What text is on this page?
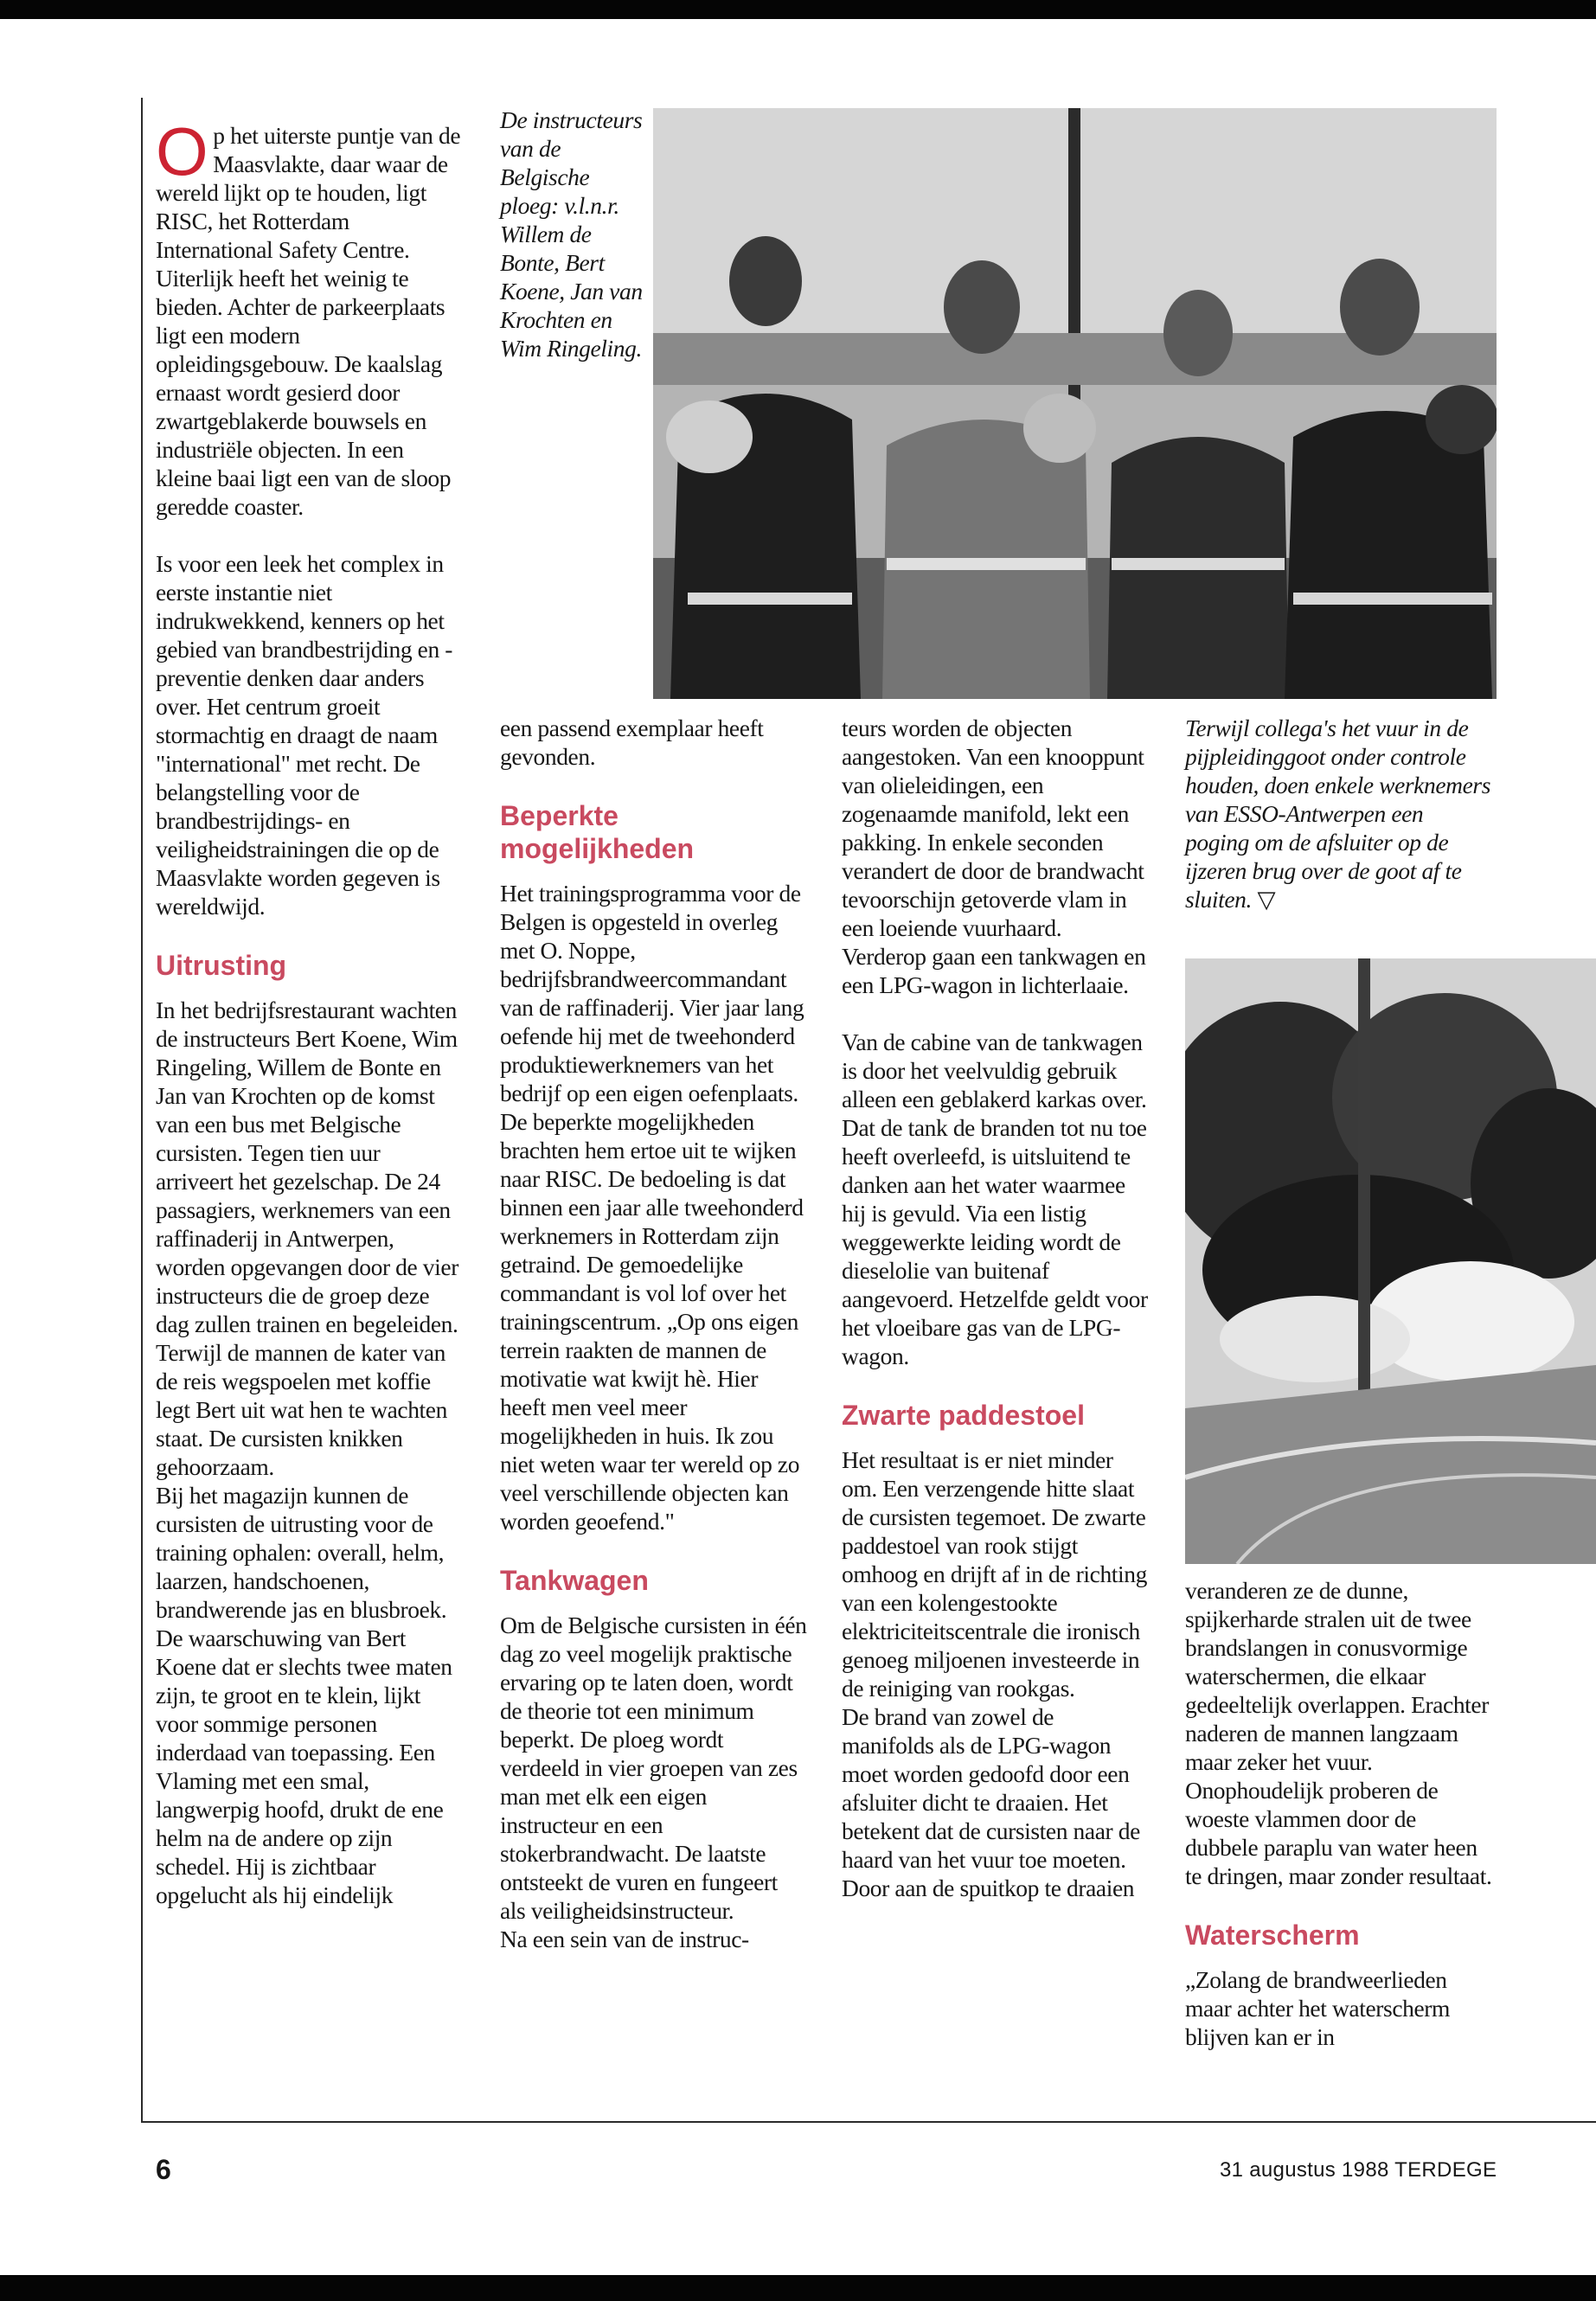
Op het uiterste puntje van de Maasvlakte, daar waar de wereld lijkt op te houden, ligt RISC, het Rotterdam International Safety Centre. Uiterlijk heeft het weinig te bieden. Achter de parkeerplaats ligt een modern opleidingsgebouw. De kaalslag ernaast wordt gesierd door zwartgeblakerde bouwsels en industriële objecten. In een kleine baai ligt een van de sloop geredde coaster.

Is voor een leek het complex in eerste instantie niet indrukwekkend, kenners op het gebied van brandbestrijding en -preventie denken daar anders over. Het centrum groeit stormachtig en draagt de naam "international" met recht. De belangstelling voor de brandbestrijdings- en veiligheidstrainingen die op de Maasvlakte worden gegeven is wereldwijd.

Uitrusting

In het bedrijfsrestaurant wachten de instructeurs Bert Koene, Wim Ringeling, Willem de Bonte en Jan van Krochten op de komst van een bus met Belgische cursisten. Tegen tien uur arriveert het gezelschap. De 24 passagiers, werknemers van een raffinaderij in Antwerpen, worden opgevangen door de vier instructeurs die de groep deze dag zullen trainen en begeleiden. Terwijl de mannen de kater van de reis wegspoelen met koffie legt Bert uit wat hen te wachten staat. De cursisten knikken gehoorzaam.

Bij het magazijn kunnen de cursisten de uitrusting voor de training ophalen: overall, helm, laarzen, handschoenen, brandwerende jas en blusbroek. De waarschuwing van Bert Koene dat er slechts twee maten zijn, te groot en te klein, lijkt voor sommige personen inderdaad van toepassing. Een Vlaming met een smal, langwerpig hoofd, drukt de ene helm na de andere op zijn schedel. Hij is zichtbaar opgelucht als hij eindelijk

De instructeurs van de Belgische ploeg: v.l.n.r. Willem de Bonte, Bert Koene, Jan van Krochten en Wim Ringeling.

een passend exemplaar heeft gevonden.

Beperkte mogelijkheden

Het trainingsprogramma voor de Belgen is opgesteld in overleg met O. Noppe, bedrijfsbrandweercommandant van de raffinaderij. Vier jaar lang oefende hij met de tweehonderd produktiewerknemers van het bedrijf op een eigen oefenplaats. De beperkte mogelijkheden brachten hem ertoe uit te wijken naar RISC. De bedoeling is dat binnen een jaar alle tweehonderd werknemers in Rotterdam zijn getraind. De gemoedelijke commandant is vol lof over het trainingscentrum. „Op ons eigen terrein raakten de mannen de motivatie wat kwijt hè. Hier heeft men veel meer mogelijkheden in huis. Ik zou niet weten waar ter wereld op zo veel verschillende objecten kan worden geoefend."

Tankwagen

Om de Belgische cursisten in één dag zo veel mogelijk praktische ervaring op te laten doen, wordt de theorie tot een minimum beperkt. De ploeg wordt verdeeld in vier groepen van zes man met elk een eigen instructeur en een stokerbrandwacht. De laatste ontsteekt de vuren en fungeert als veiligheidsinstructeur.

Na een sein van de instruc-

teurs worden de objecten aangestoken. Van een knooppunt van olieleidingen, een zogenaamde manifold, lekt een pakking. In enkele seconden verandert de door de brandwacht tevoorschijn getoverde vlam in een loeiende vuurhaard. Verderop gaan een tankwagen en een LPG-wagon in lichterlaaie.

Van de cabine van de tankwagen is door het veelvuldig gebruik alleen een geblakerd karkas over. Dat de tank de branden tot nu toe heeft overleefd, is uitsluitend te danken aan het water waarmee hij is gevuld. Via een listig weggewerkte leiding wordt de dieselolie van buitenaf aangevoerd. Hetzelfde geldt voor het vloeibare gas van de LPG-wagon.

Zwarte paddestoel

Het resultaat is er niet minder om. Een verzengende hitte slaat de cursisten tegemoet. De zwarte paddestoel van rook stijgt omhoog en drijft af in de richting van een kolengestookte elektriciteitscentrale die ironisch genoeg miljoenen investeerde in de reiniging van rookgas.

De brand van zowel de manifolds als de LPG-wagon moet worden gedoofd door een afsluiter dicht te draaien. Het betekent dat de cursisten naar de haard van het vuur toe moeten. Door aan de spuitkop te draaien

Terwijl collega's het vuur in de pijpleidinggoot onder controle houden, doen enkele werknemers van ESSO-Antwerpen een poging om de afsluiter op de ijzeren brug over de goot af te sluiten. ▽

veranderen ze de dunne, spijkerharde stralen uit de twee brandslangen in conusvormige waterschermen, die elkaar gedeeltelijk overlappen. Erachter naderen de mannen langzaam maar zeker het vuur. Onophoudelijk proberen de woeste vlammen door de dubbele paraplu van water heen te dringen, maar zonder resultaat.

Waterscherm

„Zolang de brandweerlieden maar achter het waterscherm blijven kan er in

6	31 augustus 1988 TERDEGE
